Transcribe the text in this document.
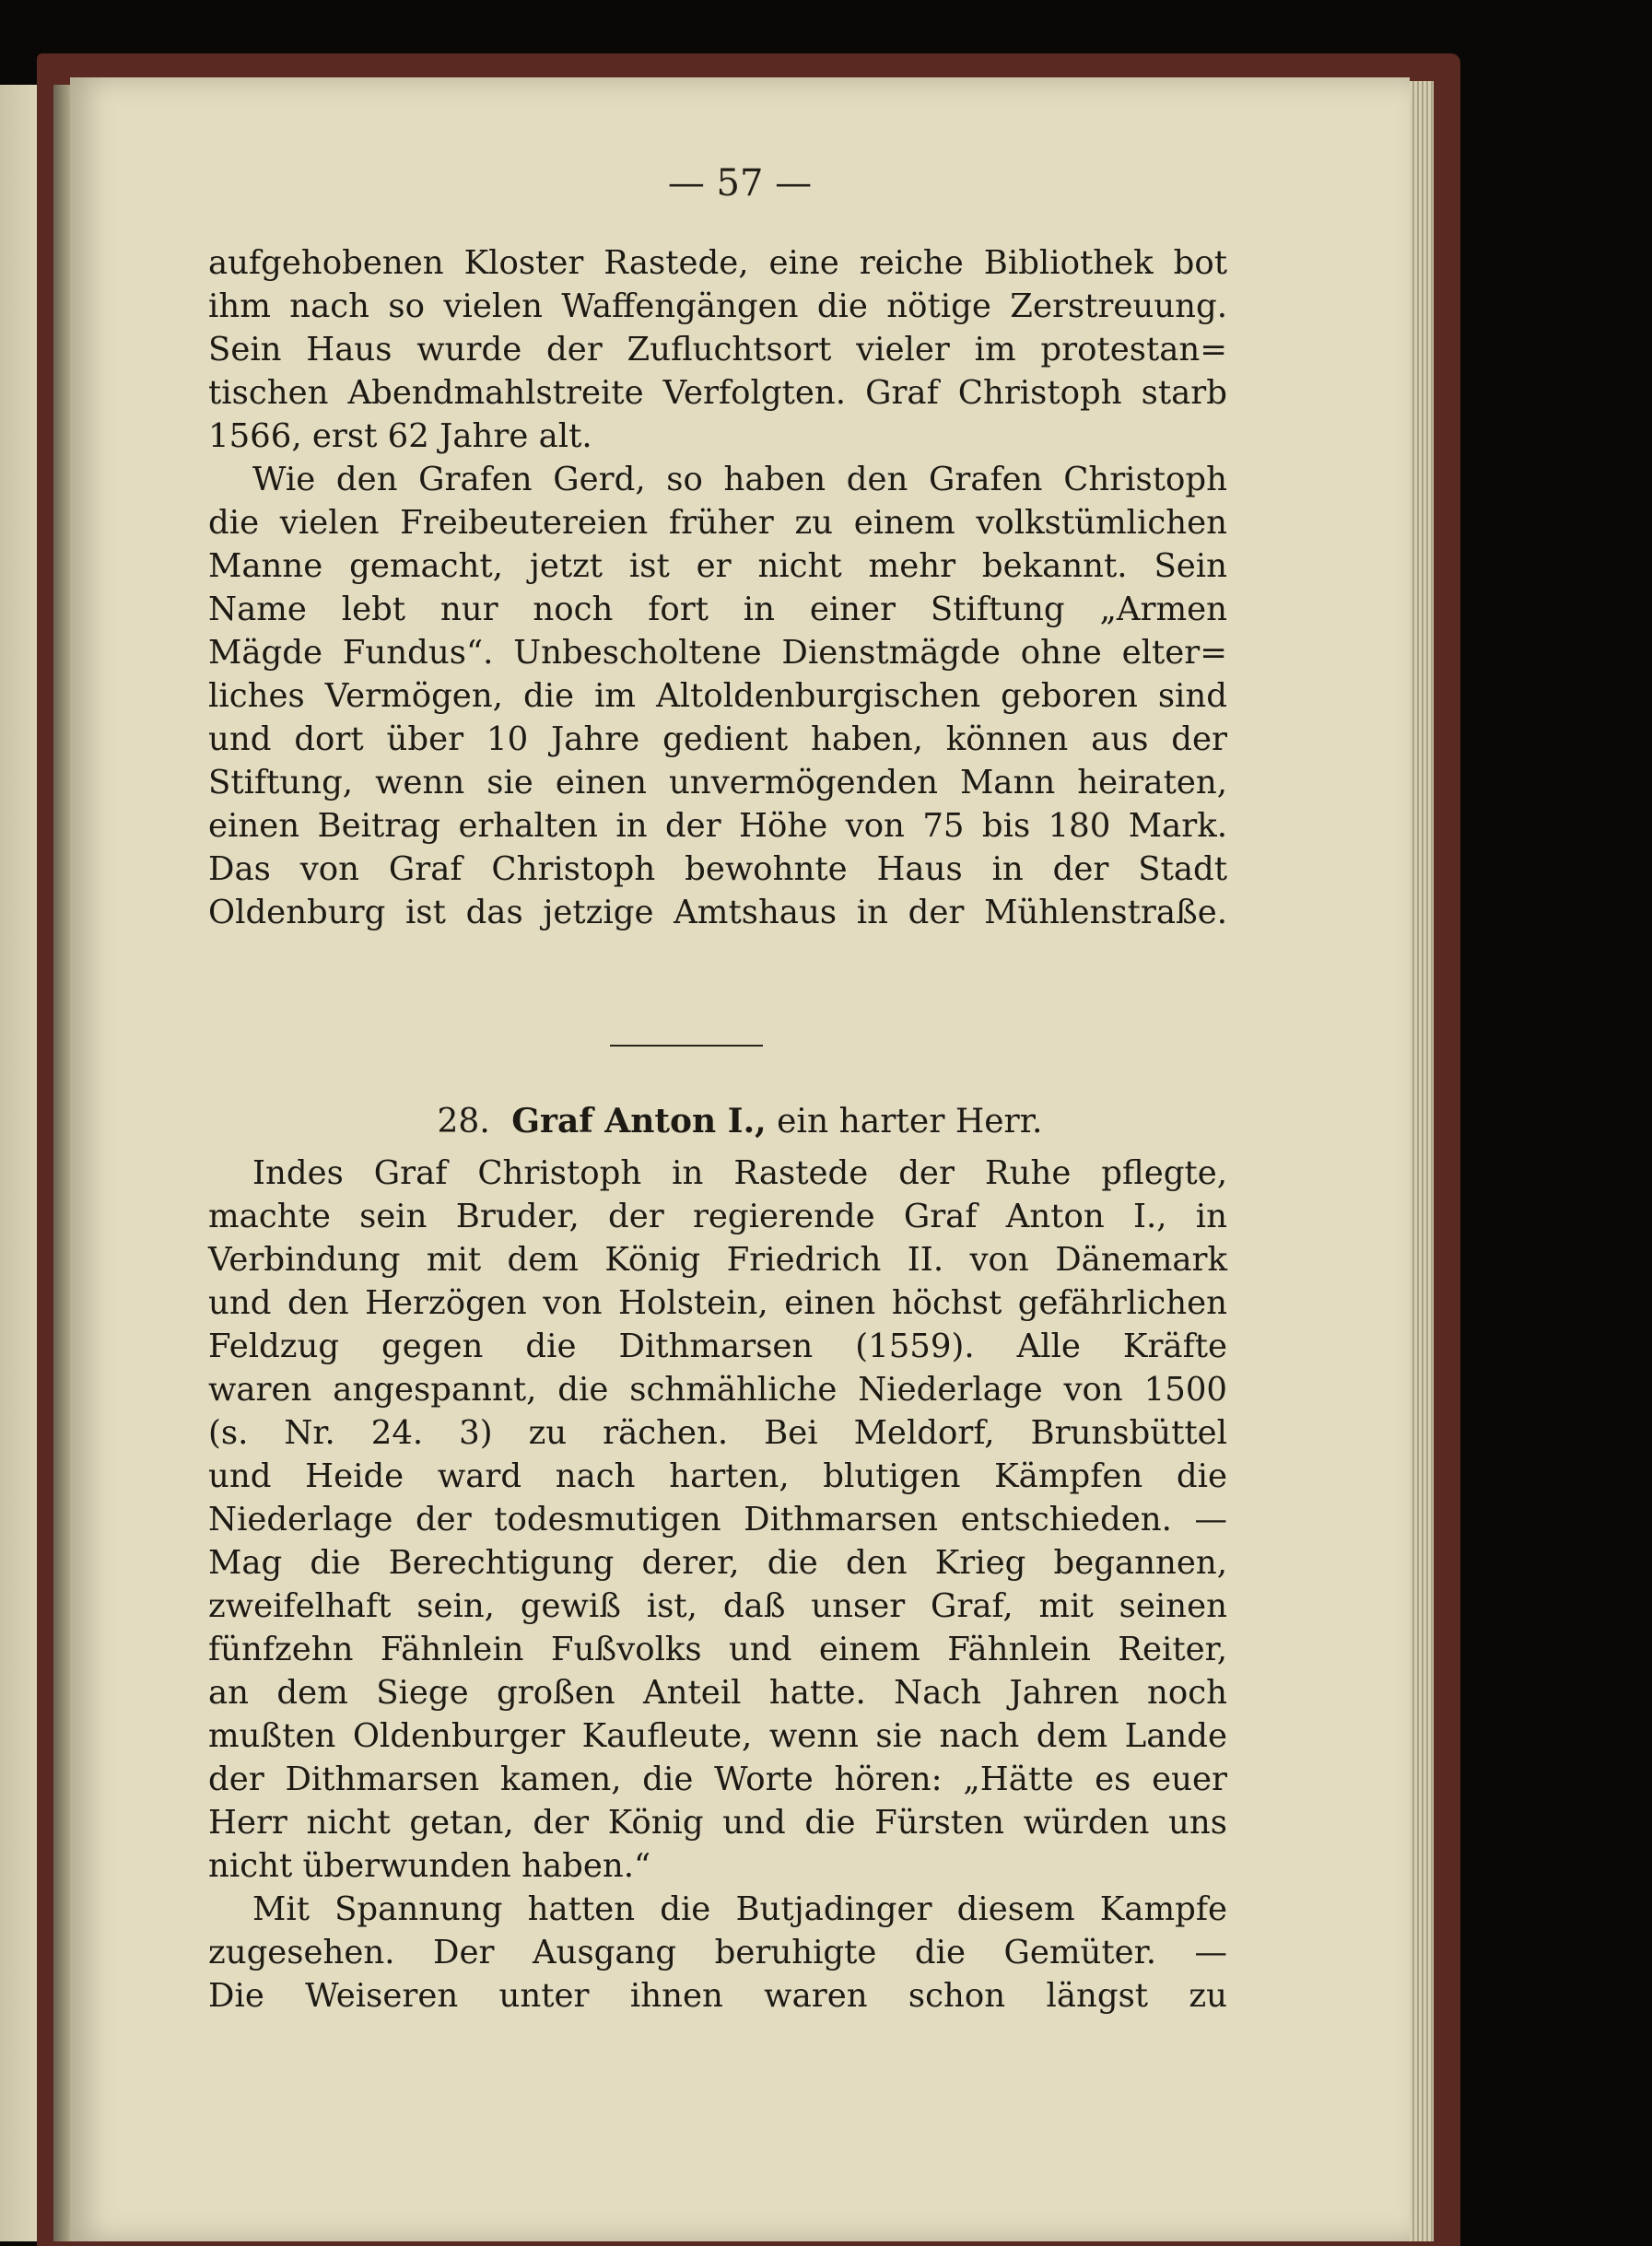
— 57 —
aufgehobenen Kloster Rastede, eine reiche Bibliothek bot
ihm nach so vielen Waffengängen die nötige Zerstreuung.
Sein Haus wurde der Zufluchtsort vieler im protestan=
tischen Abendmahlstreite Verfolgten. Graf Christoph starb
1566, erst 62 Jahre alt.
Wie den Grafen Gerd, so haben den Grafen Christoph
die vielen Freibeutereien früher zu einem volkstümlichen
Manne gemacht, jetzt ist er nicht mehr bekannt. Sein
Name lebt nur noch fort in einer Stiftung „Armen
Mägde Fundus“. Unbescholtene Dienstmägde ohne elter=
liches Vermögen, die im Altoldenburgischen geboren sind
und dort über 10 Jahre gedient haben, können aus der
Stiftung, wenn sie einen unvermögenden Mann heiraten,
einen Beitrag erhalten in der Höhe von 75 bis 180 Mark.
Das von Graf Christoph bewohnte Haus in der Stadt
Oldenburg ist das jetzige Amtshaus in der Mühlenstraße.
28. Graf Anton I., ein harter Herr.
Indes Graf Christoph in Rastede der Ruhe pflegte,
machte sein Bruder, der regierende Graf Anton I., in
Verbindung mit dem König Friedrich II. von Dänemark
und den Herzögen von Holstein, einen höchst gefährlichen
Feldzug gegen die Dithmarsen (1559). Alle Kräfte
waren angespannt, die schmähliche Niederlage von 1500
(s. Nr. 24. 3) zu rächen. Bei Meldorf, Brunsbüttel
und Heide ward nach harten, blutigen Kämpfen die
Niederlage der todesmutigen Dithmarsen entschieden. —
Mag die Berechtigung derer, die den Krieg begannen,
zweifelhaft sein, gewiß ist, daß unser Graf, mit seinen
fünfzehn Fähnlein Fußvolks und einem Fähnlein Reiter,
an dem Siege großen Anteil hatte. Nach Jahren noch
mußten Oldenburger Kaufleute, wenn sie nach dem Lande
der Dithmarsen kamen, die Worte hören: „Hätte es euer
Herr nicht getan, der König und die Fürsten würden uns
nicht überwunden haben.“
Mit Spannung hatten die Butjadinger diesem Kampfe
zugesehen. Der Ausgang beruhigte die Gemüter. —
Die Weiseren unter ihnen waren schon längst zu
